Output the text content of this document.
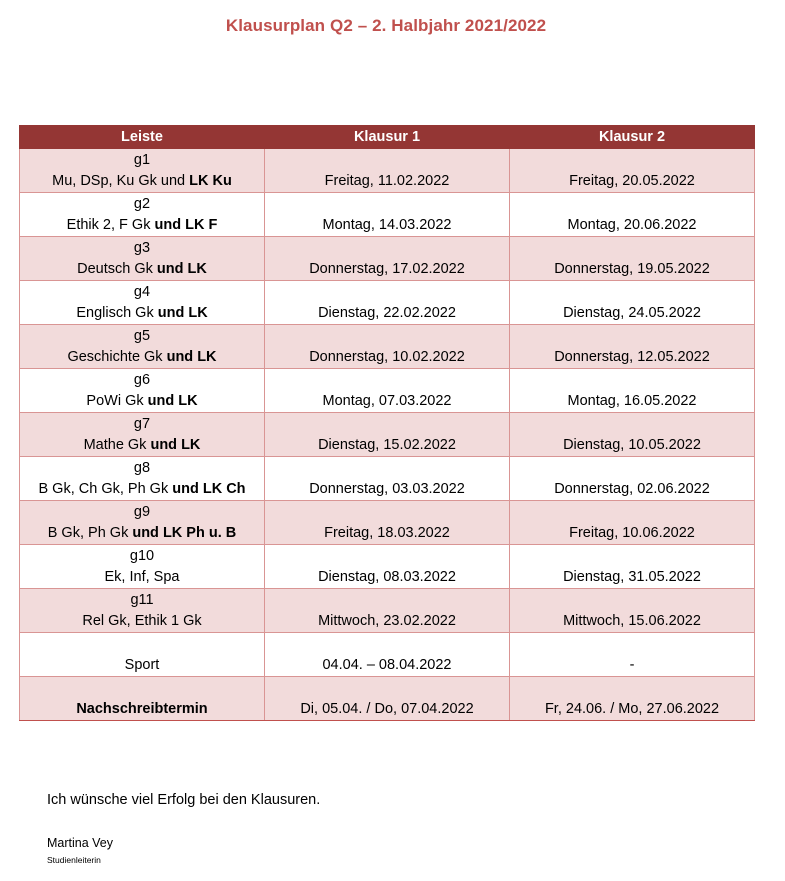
Klausurplan Q2 – 2. Halbjahr 2021/2022
Leiste	Klausur 1	Klausur 2

g1
Mu, DSp, Ku Gk und LK Ku	Freitag, 11.02.2022	Freitag, 20.05.2022

g2
Ethik 2, F Gk und LK F	Montag, 14.03.2022	Montag, 20.06.2022

g3
Deutsch Gk und LK	Donnerstag, 17.02.2022	Donnerstag, 19.05.2022

g4
Englisch Gk und LK	Dienstag, 22.02.2022	Dienstag, 24.05.2022

g5
Geschichte Gk und LK	Donnerstag, 10.02.2022	Donnerstag, 12.05.2022

g6
PoWi Gk und LK	Montag, 07.03.2022	Montag, 16.05.2022

g7
Mathe Gk und LK	Dienstag, 15.02.2022	Dienstag, 10.05.2022

g8
B Gk, Ch Gk, Ph Gk und LK Ch	Donnerstag, 03.03.2022	Donnerstag, 02.06.2022

g9
B Gk, Ph Gk und LK Ph u. B	Freitag, 18.03.2022	Freitag, 10.06.2022

g10
Ek, Inf, Spa	Dienstag, 08.03.2022	Dienstag, 31.05.2022

g11
Rel Gk, Ethik 1 Gk	Mittwoch, 23.02.2022	Mittwoch, 15.06.2022
Sport	04.04. – 08.04.2022	-
Nachschreibtermin	Di, 05.04. / Do, 07.04.2022	Fr, 24.06. / Mo, 27.06.2022
Ich wünsche viel Erfolg bei den Klausuren.
Martina Vey
Studienleiterin
